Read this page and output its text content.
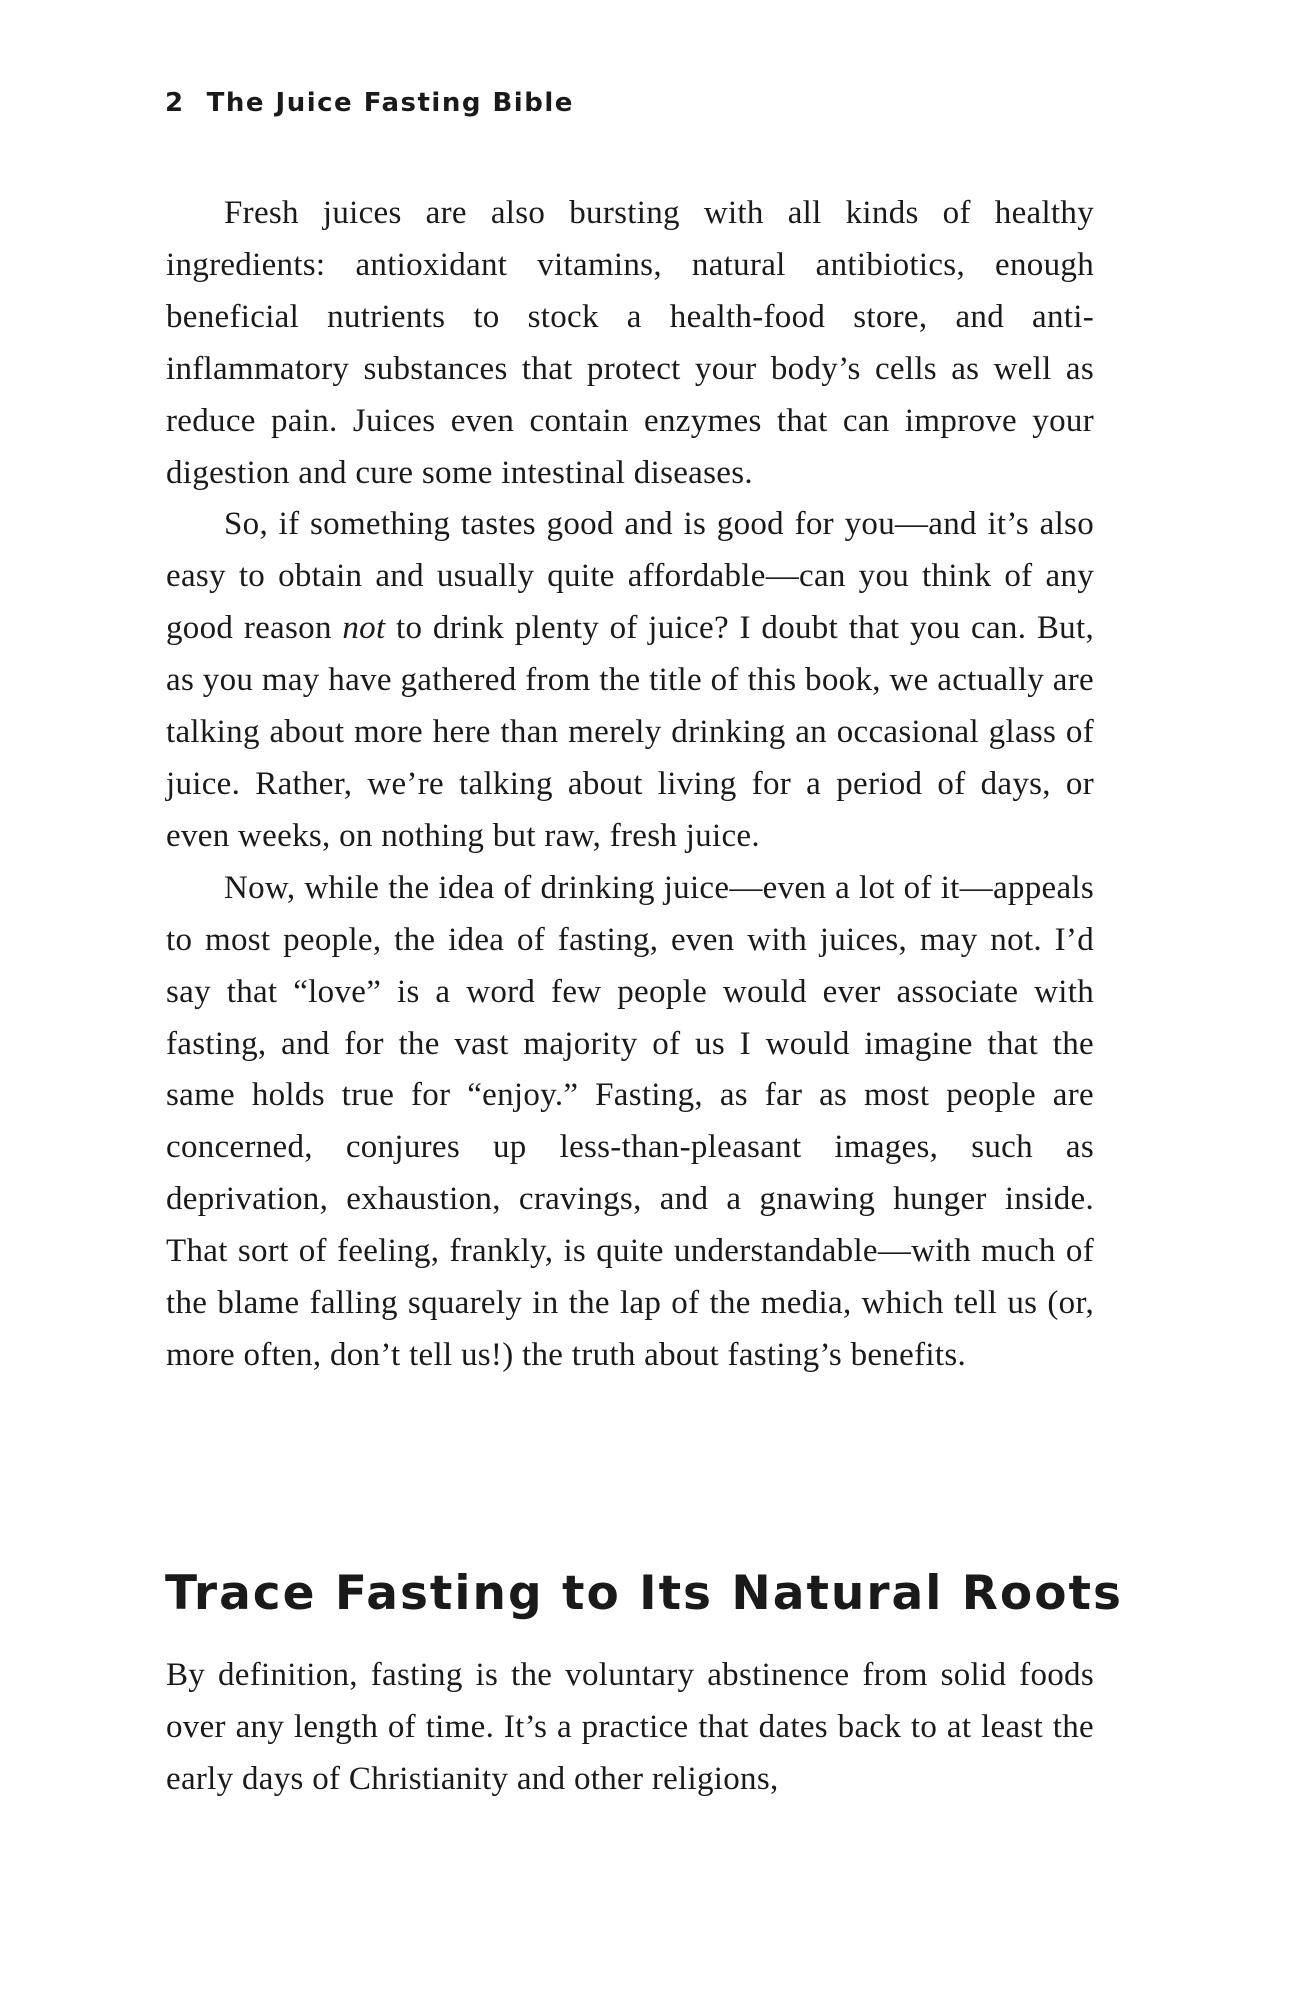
2 The Juice Fasting Bible

Fresh juices are also bursting with all kinds of healthy ingredients: antioxidant vitamins, natural antibiotics, enough beneficial nutrients to stock a health-food store, and anti-inflammatory substances that protect your body’s cells as well as reduce pain. Juices even contain enzymes that can improve your digestion and cure some intestinal diseases.

So, if something tastes good and is good for you—and it’s also easy to obtain and usually quite affordable—can you think of any good reason not to drink plenty of juice? I doubt that you can. But, as you may have gathered from the title of this book, we actually are talking about more here than merely drinking an occasional glass of juice. Rather, we’re talking about living for a period of days, or even weeks, on nothing but raw, fresh juice.

Now, while the idea of drinking juice—even a lot of it—appeals to most people, the idea of fasting, even with juices, may not. I’d say that “love” is a word few people would ever associate with fasting, and for the vast majority of us I would imagine that the same holds true for “enjoy.” Fasting, as far as most people are concerned, conjures up less-than-pleasant images, such as deprivation, exhaustion, cravings, and a gnawing hunger inside. That sort of feeling, frankly, is quite understandable—with much of the blame falling squarely in the lap of the media, which tell us (or, more often, don’t tell us!) the truth about fasting’s benefits.

Trace Fasting to Its Natural Roots

By definition, fasting is the voluntary abstinence from solid foods over any length of time. It’s a practice that dates back to at least the early days of Christianity and other religions,
